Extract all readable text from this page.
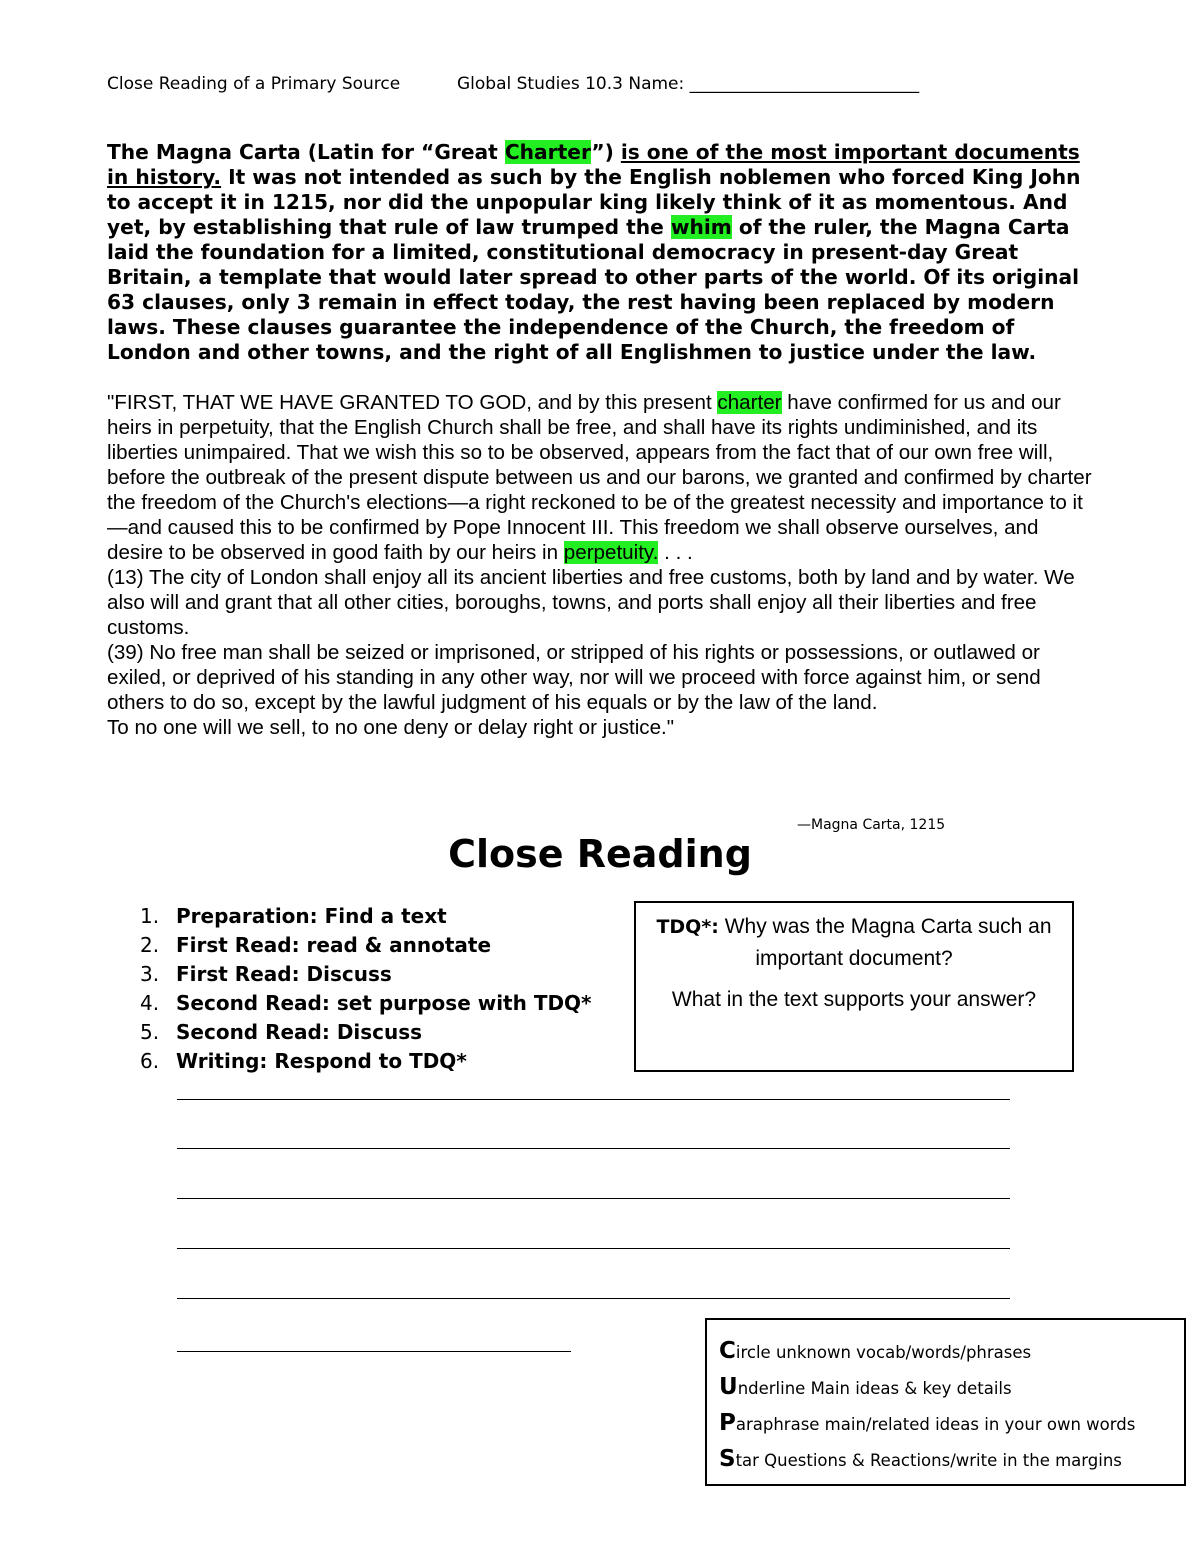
Close Reading of a Primary Source	Global Studies 10.3 Name: ___________________________
The Magna Carta (Latin for “Great Charter”) is one of the most important documents in history. It was not intended as such by the English noblemen who forced King John to accept it in 1215, nor did the unpopular king likely think of it as momentous. And yet, by establishing that rule of law trumped the whim of the ruler, the Magna Carta laid the foundation for a limited, constitutional democracy in present-day Great Britain, a template that would later spread to other parts of the world. Of its original 63 clauses, only 3 remain in effect today, the rest having been replaced by modern laws. These clauses guarantee the independence of the Church, the freedom of London and other towns, and the right of all Englishmen to justice under the law.

"FIRST, THAT WE HAVE GRANTED TO GOD, and by this present charter have confirmed for us and our heirs in perpetuity, that the English Church shall be free, and shall have its rights undiminished, and its liberties unimpaired. That we wish this so to be observed, appears from the fact that of our own free will, before the outbreak of the present dispute between us and our barons, we granted and confirmed by charter the freedom of the Church's elections—a right reckoned to be of the greatest necessity and importance to it—and caused this to be confirmed by Pope Innocent III. This freedom we shall observe ourselves, and desire to be observed in good faith by our heirs in perpetuity. . . .

(13) The city of London shall enjoy all its ancient liberties and free customs, both by land and by water. We also will and grant that all other cities, boroughs, towns, and ports shall enjoy all their liberties and free customs.

(39) No free man shall be seized or imprisoned, or stripped of his rights or possessions, or outlawed or exiled, or deprived of his standing in any other way, nor will we proceed with force against him, or send others to do so, except by the lawful judgment of his equals or by the law of the land.

To no one will we sell, to no one deny or delay right or justice."

—Magna Carta, 1215
Close Reading
1. Preparation: Find a text
2. First Read: read & annotate
3. First Read: Discuss
4. Second Read: set purpose with TDQ*
5. Second Read: Discuss
6. Writing: Respond to TDQ*

TDQ*: Why was the Magna Carta such an important document?

What in the text supports your answer?

Circle unknown vocab/words/phrases
Underline Main ideas & key details
Paraphrase main/related ideas in your own words
Star Questions & Reactions/write in the margins
